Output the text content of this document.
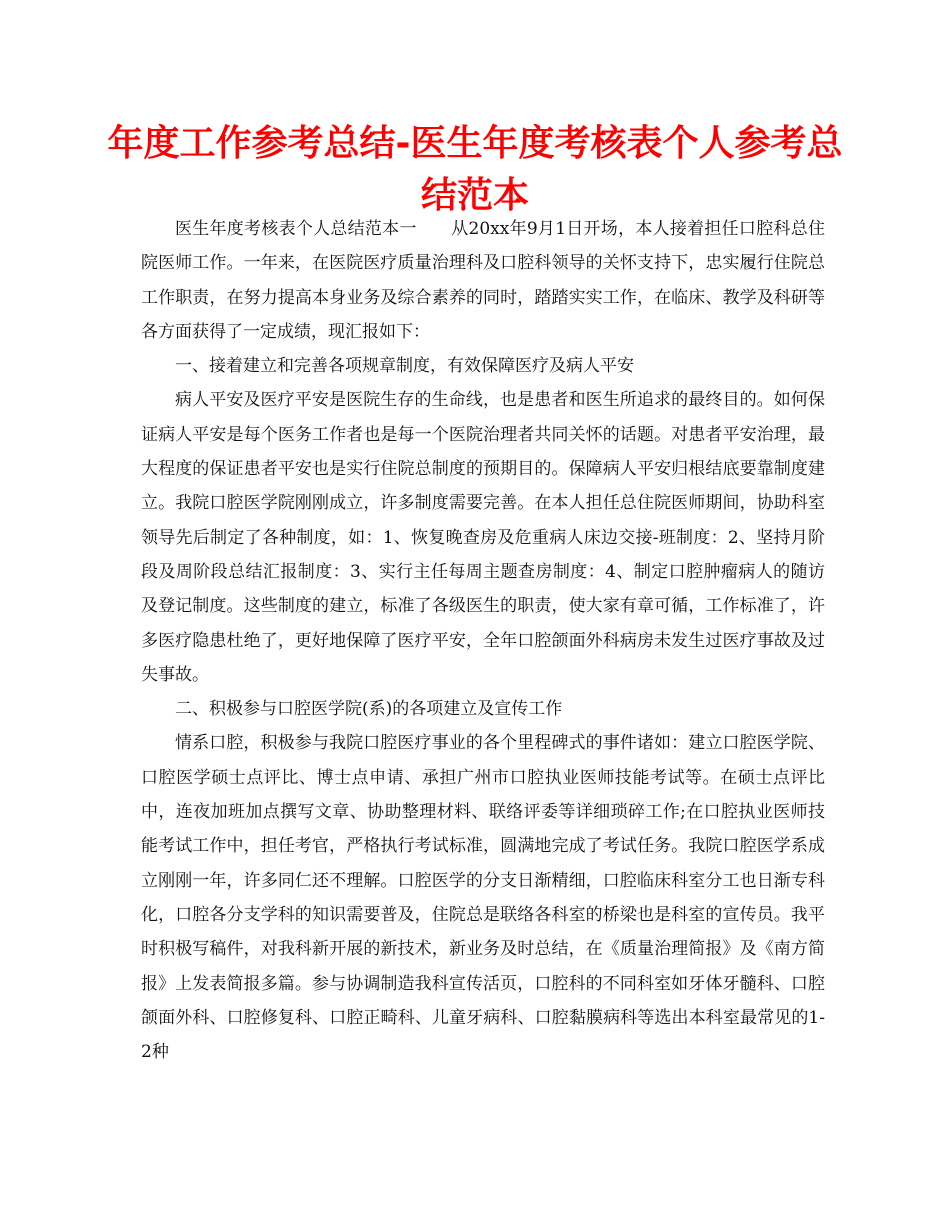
年度工作参考总结-医生年度考核表个人参考总结范本

医生年度考核表个人总结范本一　　从20xx年9月1日开场，本人接着担任口腔科总住院医师工作。一年来，在医院医疗质量治理科及口腔科领导的关怀支持下，忠实履行住院总工作职责，在努力提高本身业务及综合素养的同时，踏踏实实工作，在临床、教学及科研等各方面获得了一定成绩，现汇报如下：

一、接着建立和完善各项规章制度，有效保障医疗及病人平安

病人平安及医疗平安是医院生存的生命线，也是患者和医生所追求的最终目的。如何保证病人平安是每个医务工作者也是每一个医院治理者共同关怀的话题。对患者平安治理，最大程度的保证患者平安也是实行住院总制度的预期目的。保障病人平安归根结底要靠制度建立。我院口腔医学院刚刚成立，许多制度需要完善。在本人担任总住院医师期间，协助科室领导先后制定了各种制度，如：1、恢复晚查房及危重病人床边交接-班制度：2、坚持月阶段及周阶段总结汇报制度：3、实行主任每周主题查房制度：4、制定口腔肿瘤病人的随访及登记制度。这些制度的建立，标准了各级医生的职责，使大家有章可循，工作标准了，许多医疗隐患杜绝了，更好地保障了医疗平安，全年口腔颌面外科病房未发生过医疗事故及过失事故。

二、积极参与口腔医学院(系)的各项建立及宣传工作

情系口腔，积极参与我院口腔医疗事业的各个里程碑式的事件诸如：建立口腔医学院、口腔医学硕士点评比、博士点申请、承担广州市口腔执业医师技能考试等。在硕士点评比中，连夜加班加点撰写文章、协助整理材料、联络评委等详细琐碎工作;在口腔执业医师技能考试工作中，担任考官，严格执行考试标准，圆满地完成了考试任务。我院口腔医学系成立刚刚一年，许多同仁还不理解。口腔医学的分支日渐精细，口腔临床科室分工也日渐专科化，口腔各分支学科的知识需要普及，住院总是联络各科室的桥梁也是科室的宣传员。我平时积极写稿件，对我科新开展的新技术，新业务及时总结，在《质量治理简报》及《南方简报》上发表简报多篇。参与协调制造我科宣传活页，口腔科的不同科室如牙体牙髓科、口腔颌面外科、口腔修复科、口腔正畸科、儿童牙病科、口腔黏膜病科等选出本科室最常见的1-2种
